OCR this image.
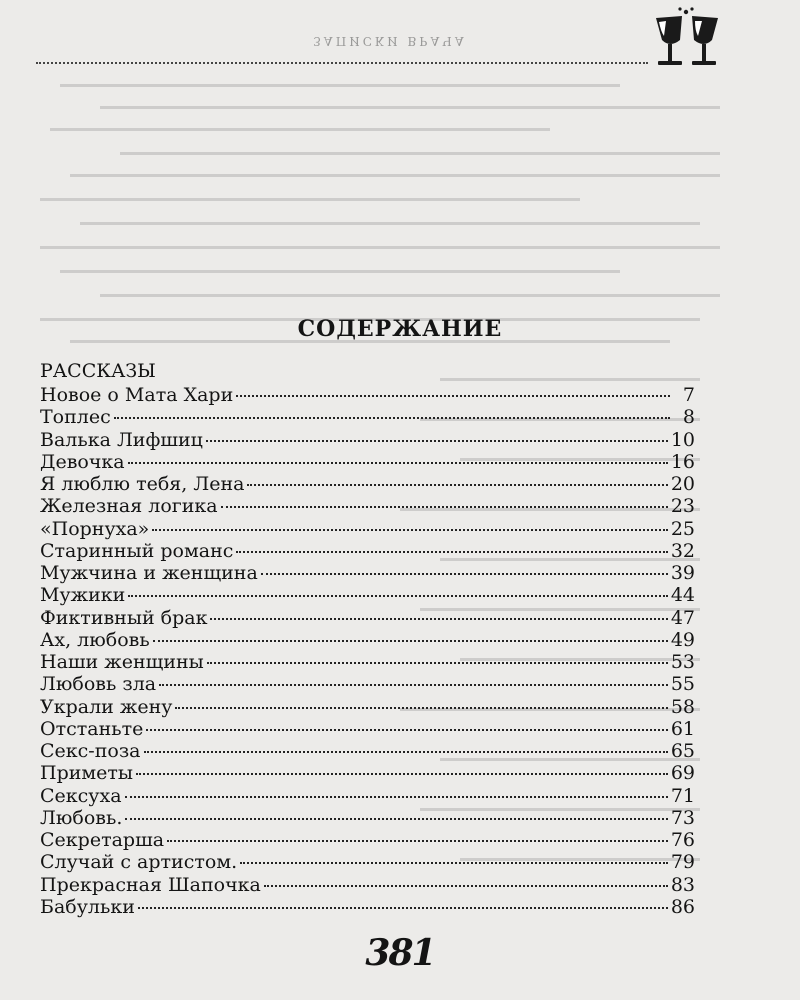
ЗАПИСКИ ВРАЧА
СОДЕРЖАНИЕ
РАССКАЗЫ
Новое о Мата Хари	7
Топлес	8
Валька Лифшиц	10
Девочка	16
Я люблю тебя, Лена	20
Железная логика	23
«Порнуха»	25
Старинный романс	32
Мужчина и женщина	39
Мужики	44
Фиктивный брак	47
Ах, любовь	49
Наши женщины	53
Любовь зла	55
Украли жену	58
Отстаньте	61
Секс-поза	65
Приметы	69
Сексуха	71
Любовь.	73
Секретарша	76
Случай с артистом.	79
Прекрасная Шапочка	83
Бабульки	86
381
